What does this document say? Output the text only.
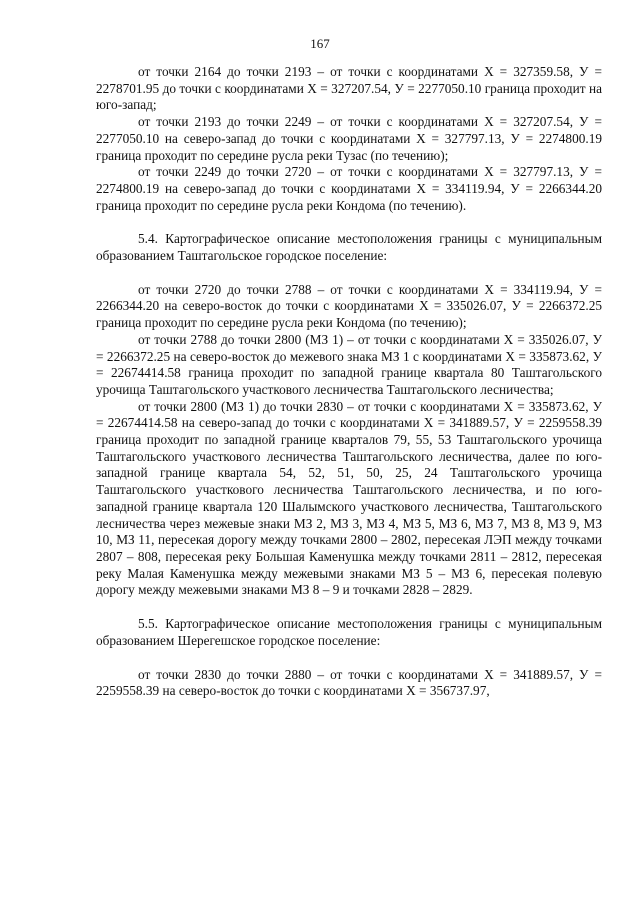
167

от точки 2164 до точки 2193 – от точки с координатами Х = 327359.58, У = 2278701.95 до точки с координатами Х = 327207.54, У = 2277050.10 граница проходит на юго-запад;

от точки 2193 до точки 2249 – от точки с координатами Х = 327207.54, У = 2277050.10 на северо-запад до точки с координатами Х = 327797.13, У = 2274800.19 граница проходит по середине русла реки Тузас (по течению);

от точки 2249 до точки 2720 – от точки с координатами Х = 327797.13, У = 2274800.19 на северо-запад до точки с координатами Х = 334119.94, У = 2266344.20 граница проходит по середине русла реки Кондома (по течению).

5.4. Картографическое описание местоположения границы с муниципальным образованием Таштагольское городское поселение:

от точки 2720 до точки 2788 – от точки с координатами Х = 334119.94, У = 2266344.20 на северо-восток до точки с координатами Х = 335026.07, У = 2266372.25 граница проходит по середине русла реки Кондома (по течению);

от точки 2788 до точки 2800 (МЗ 1) – от точки с координатами Х = 335026.07, У = 2266372.25 на северо-восток до межевого знака МЗ 1 с координатами Х = 335873.62, У = 22674414.58 граница проходит по западной границе квартала 80 Таштагольского урочища Таштагольского участкового лесничества Таштагольского лесничества;

от точки 2800 (МЗ 1) до точки 2830 – от точки с координатами Х = 335873.62, У = 22674414.58 на северо-запад до точки с координатами Х = 341889.57, У = 2259558.39 граница проходит по западной границе кварталов 79, 55, 53 Таштагольского урочища Таштагольского участкового лесничества Таштагольского лесничества, далее по юго-западной границе квартала 54, 52, 51, 50, 25, 24 Таштагольского урочища Таштагольского участкового лесничества Таштагольского лесничества, и по юго-западной границе квартала 120 Шалымского участкового лесничества, Таштагольского лесничества через межевые знаки МЗ 2, МЗ 3, МЗ 4, МЗ 5, МЗ 6, МЗ 7, МЗ 8, МЗ 9, МЗ 10, МЗ 11, пересекая дорогу между точками 2800 – 2802, пересекая ЛЭП между точками 2807 – 808, пересекая реку Большая Каменушка между точками 2811 – 2812, пересекая реку Малая Каменушка между межевыми знаками МЗ 5 – МЗ 6, пересекая полевую дорогу между межевыми знаками МЗ 8 – 9 и точками 2828 – 2829.

5.5. Картографическое описание местоположения границы с муниципальным образованием Шерегешское городское поселение:

от точки 2830 до точки 2880 – от точки с координатами Х = 341889.57, У = 2259558.39 на северо-восток до точки с координатами Х = 356737.97,
